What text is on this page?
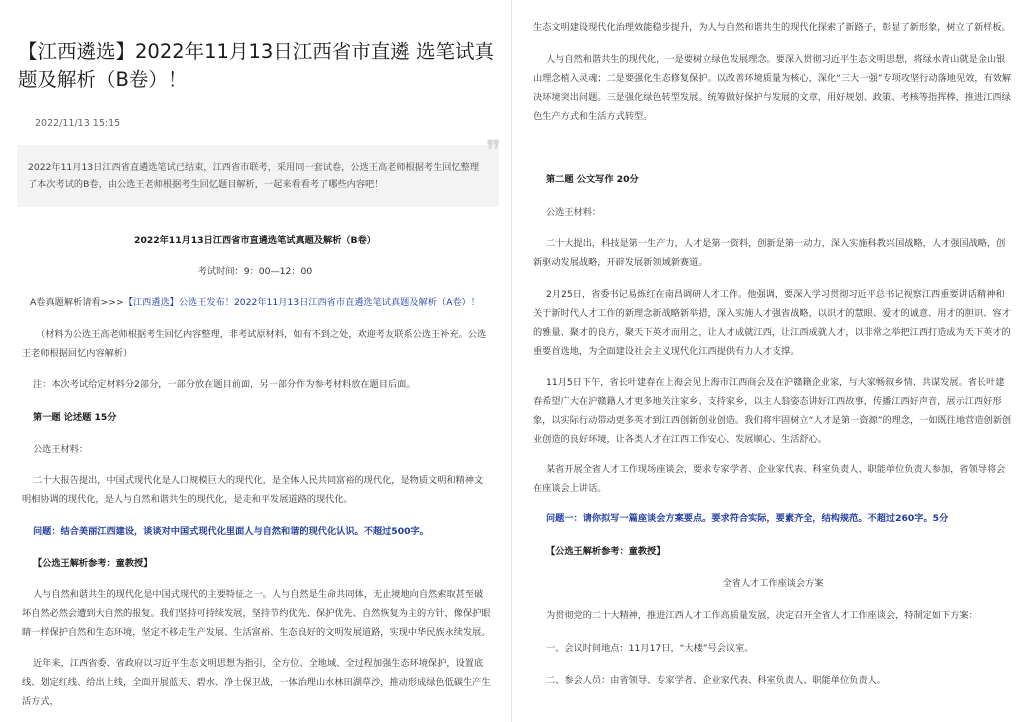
【江西遴选】2022年11月13日江西省市直遴 选笔试真题及解析（B卷）！
2022/11/13 15:15
❞
2022年11月13日江西省直遴选笔试已结束，江西省市联考，采用同一套试卷，公选王高老师根据考生回忆整理了本次考试的B卷，由公选王老师根据考生回忆题目解析，一起来看看考了哪些内容吧！

2022年11月13日江西省市直遴选笔试真题及解析（B卷）

考试时间：9：00—12：00

A卷真题解析请看>>>【江西遴选】公选王发布！2022年11月13日江西省市直遴选笔试真题及解析（A卷）！

（材料为公选王高老师根据考生回忆内容整理，非考试原材料，如有不到之处，欢迎考友联系公选王补充。公选王老师根据回忆内容解析）

注：本次考试给定材料分2部分，一部分放在题目前面，另一部分作为参考材料放在题目后面。

第一题 论述题 15分

公选王材料：

二十大报告提出，中国式现代化是人口规模巨大的现代化，是全体人民共同富裕的现代化，是物质文明和精神文明相协调的现代化，是人与自然和谐共生的现代化，是走和平发展道路的现代化。

问题：结合美丽江西建设，谈谈对中国式现代化里面人与自然和谐的现代化认识。不超过500字。

【公选王解析参考：童教授】

人与自然和谐共生的现代化是中国式现代的主要特征之一。人与自然是生命共同体，无止境地向自然索取甚至破坏自然必然会遭到大自然的报复。我们坚持可持续发展，坚持节约优先、保护优先、自然恢复为主的方针，像保护眼睛一样保护自然和生态环境，坚定不移走生产发展、生活富裕、生态良好的文明发展道路，实现中华民族永续发展。

近年来，江西省委、省政府以习近平生态文明思想为指引，全方位、全地域、全过程加强生态环境保护，设置底线、划定红线、给出上线，全面开展蓝天、碧水、净土保卫战，一体治理山水林田湖草沙，推动形成绿色低碳生产生活方式，

生态文明建设现代化治理效能稳步提升，为人与自然和谐共生的现代化探索了新路子，彰显了新形象，树立了新样板。

人与自然和谐共生的现代化，一是要树立绿色发展理念。要深入贯彻习近平生态文明思想，将绿水青山就是金山银山理念植入灵魂；二是要强化生态修复保护。以改善环境质量为核心，深化“三大一强”专项攻坚行动落地见效，有效解决环境突出问题。三是强化绿色转型发展。统筹做好保护与发展的文章，用好规划、政策、考核等指挥棒，推进江西绿色生产方式和生活方式转型。

第二题 公文写作 20分

公选王材料：

二十大提出，科技是第一生产力，人才是第一资料，创新是第一动力，深入实施科教兴国战略，人才强国战略，创新驱动发展战略，开辟发展新领域新赛道。

2月25日，省委书记易炼红在南昌调研人才工作。他强调，要深入学习贯彻习近平总书记视察江西重要讲话精神和关于新时代人才工作的新理念新战略新举措，深入实施人才强省战略，以识才的慧眼、爱才的诚意、用才的胆识、容才的雅量、聚才的良方，聚天下英才而用之，让人才成就江西，让江西成就人才，以非常之举把江西打造成为天下英才的重要首选地，为全面建设社会主义现代化江西提供有力人才支撑。

11月5日下午，省长叶建春在上海会见上海市江西商会及在沪赣籍企业家，与大家畅叙乡情、共谋发展。省长叶建春希望广大在沪赣籍人才更多地关注家乡、支持家乡，以主人翁姿态讲好江西故事，传播江西好声音，展示江西好形象，以实际行动带动更多英才到江西创新创业创造。我们将牢固树立“人才是第一资源”的理念，一如既往地营造创新创业创造的良好环境，让各类人才在江西工作安心、发展顺心、生活舒心。

某省开展全省人才工作现场座谈会，要求专家学者、企业家代表、科室负责人、职能单位负责人参加，省领导将会在座谈会上讲话。

问题一：请你拟写一篇座谈会方案要点。要求符合实际，要素齐全，结构规范。不超过260字。5分

【公选王解析参考：童教授】

全省人才工作座谈会方案

为贯彻党的二十大精神，推进江西人才工作高质量发展，决定召开全省人才工作座谈会，特制定如下方案：

一、会议时间地点：11月17日，“大楼”号会议室。

二、参会人员：由省领导、专家学者、企业家代表、科室负责人、职能单位负责人。
